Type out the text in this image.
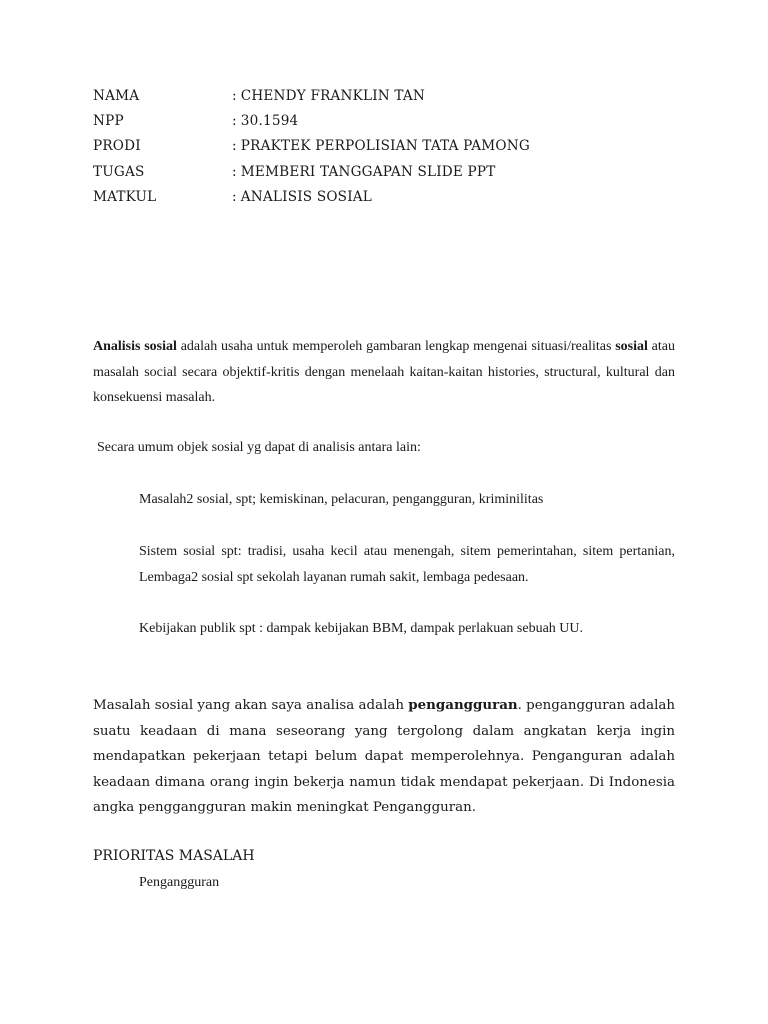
NAMA	: CHENDY FRANKLIN TAN
NPP	: 30.1594
PRODI	: PRAKTEK PERPOLISIAN TATA PAMONG
TUGAS	: MEMBERI TANGGAPAN SLIDE PPT
MATKUL	: ANALISIS SOSIAL

Analisis sosial adalah usaha untuk memperoleh gambaran lengkap mengenai situasi/realitas sosial atau masalah social secara objektif-kritis dengan menelaah kaitan-kaitan histories, structural, kultural dan konsekuensi masalah.

Secara umum objek sosial yg dapat di analisis antara lain:
Masalah2 sosial, spt; kemiskinan, pelacuran, pengangguran, kriminilitas

Sistem sosial spt: tradisi, usaha kecil atau menengah, sitem pemerintahan, sitem pertanian, Lembaga2 sosial spt sekolah layanan rumah sakit, lembaga pedesaan.

Kebijakan publik spt : dampak kebijakan BBM, dampak perlakuan sebuah UU.

Masalah sosial yang akan saya analisa adalah pengangguran. pengangguran adalah suatu keadaan di mana seseorang yang tergolong dalam angkatan kerja ingin mendapatkan pekerjaan tetapi belum dapat memperolehnya. Penganguran adalah keadaan dimana orang ingin bekerja namun tidak mendapat pekerjaan. Di Indonesia angka penggangguran makin meningkat Pengangguran.

PRIORITAS MASALAH
Pengangguran
